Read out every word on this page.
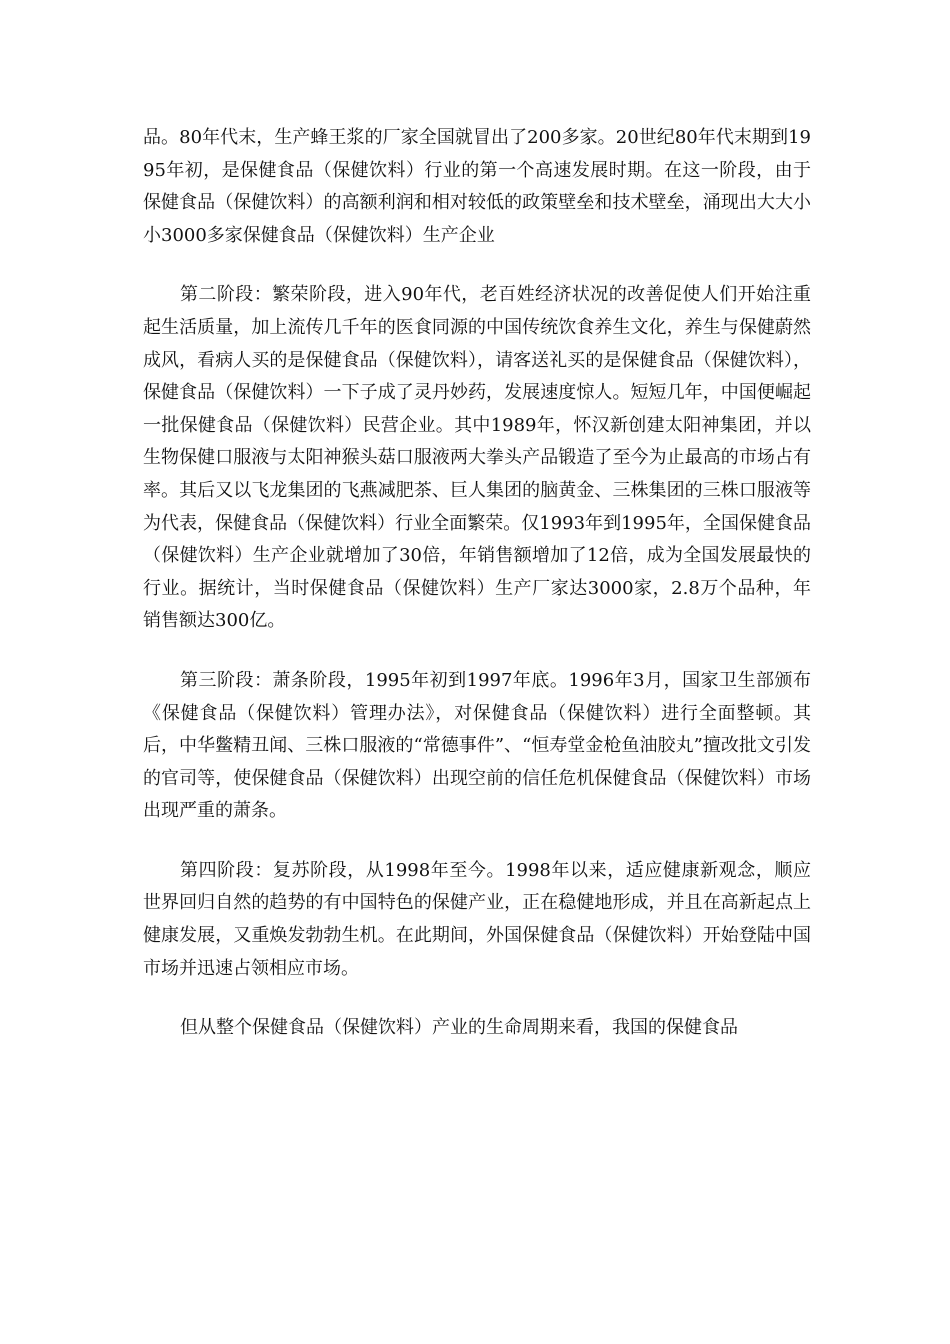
品。80年代末，生产蜂王浆的厂家全国就冒出了200多家。20世纪80年代末期到1995年初，是保健食品（保健饮料）行业的第一个高速发展时期。在这一阶段，由于保健食品（保健饮料）的高额利润和相对较低的政策壁垒和技术壁垒，涌现出大大小小3000多家保健食品（保健饮料）生产企业

第二阶段：繁荣阶段，进入90年代，老百姓经济状况的改善促使人们开始注重起生活质量，加上流传几千年的医食同源的中国传统饮食养生文化，养生与保健蔚然成风，看病人买的是保健食品（保健饮料），请客送礼买的是保健食品（保健饮料），保健食品（保健饮料）一下子成了灵丹妙药，发展速度惊人。短短几年，中国便崛起一批保健食品（保健饮料）民营企业。其中1989年，怀汉新创建太阳神集团，并以生物保健口服液与太阳神猴头菇口服液两大拳头产品锻造了至今为止最高的市场占有率。其后又以飞龙集团的飞燕减肥茶、巨人集团的脑黄金、三株集团的三株口服液等为代表，保健食品（保健饮料）行业全面繁荣。仅1993年到1995年，全国保健食品（保健饮料）生产企业就增加了30倍，年销售额增加了12倍，成为全国发展最快的行业。据统计，当时保健食品（保健饮料）生产厂家达3000家，2.8万个品种，年销售额达300亿。

第三阶段：萧条阶段，1995年初到1997年底。1996年3月，国家卫生部颁布《保健食品（保健饮料）管理办法》，对保健食品（保健饮料）进行全面整顿。其后，中华鳖精丑闻、三株口服液的“常德事件”、“恒寿堂金枪鱼油胶丸”擅改批文引发的官司等，使保健食品（保健饮料）出现空前的信任危机保健食品（保健饮料）市场出现严重的萧条。

第四阶段：复苏阶段，从1998年至今。1998年以来，适应健康新观念，顺应世界回归自然的趋势的有中国特色的保健产业，正在稳健地形成，并且在高新起点上健康发展，又重焕发勃勃生机。在此期间，外国保健食品（保健饮料）开始登陆中国市场并迅速占领相应市场。

但从整个保健食品（保健饮料）产业的生命周期来看，我国的保健食品
